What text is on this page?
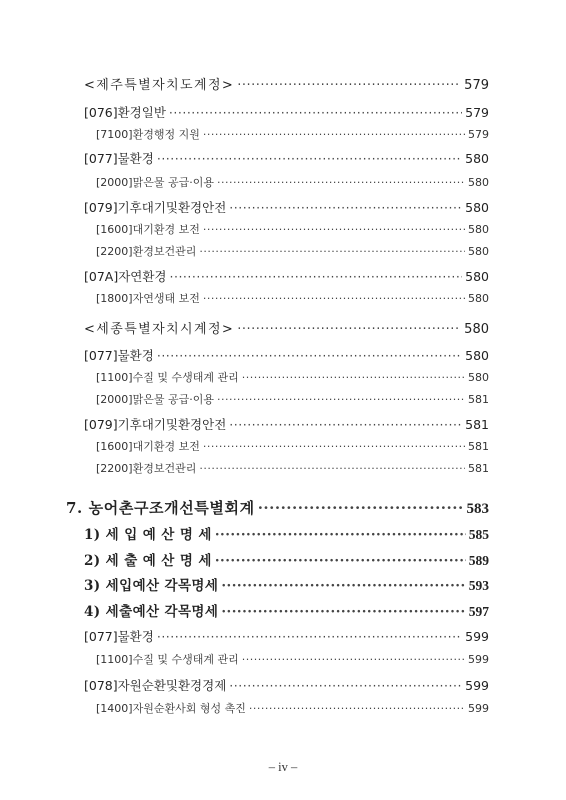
<제주특별자치도계정> ·····	579
[076]환경일반 ·····	579
[7100]환경행정 지원 ·····	579
[077]물환경 ·····	580
[2000]맑은물 공급·이용 ·····	580
[079]기후대기및환경안전 ·····	580
[1600]대기환경 보전 ·····	580
[2200]환경보건관리 ·····	580
[07A]자연환경 ·····	580
[1800]자연생태 보전 ·····	580
<세종특별자치시계정> ·····	580
[077]물환경 ·····	580
[1100]수질 및 수생태계 관리 ·····	580
[2000]맑은물 공급·이용 ·····	581
[079]기후대기및환경안전 ·····	581
[1600]대기환경 보전 ·····	581
[2200]환경보건관리 ·····	581
7. 농어촌구조개선특별회계 ·····	583
1) 세 입 예 산 명 세 ·····	585
2) 세 출 예 산 명 세 ·····	589
3) 세입예산 각목명세 ·····	593
4) 세출예산 각목명세 ·····	597
[077]물환경 ·····	599
[1100]수질 및 수생태계 관리 ·····	599
[078]자원순환및환경경제 ·····	599
[1400]자원순환사회 형성 촉진 ·····	599
– iv –
